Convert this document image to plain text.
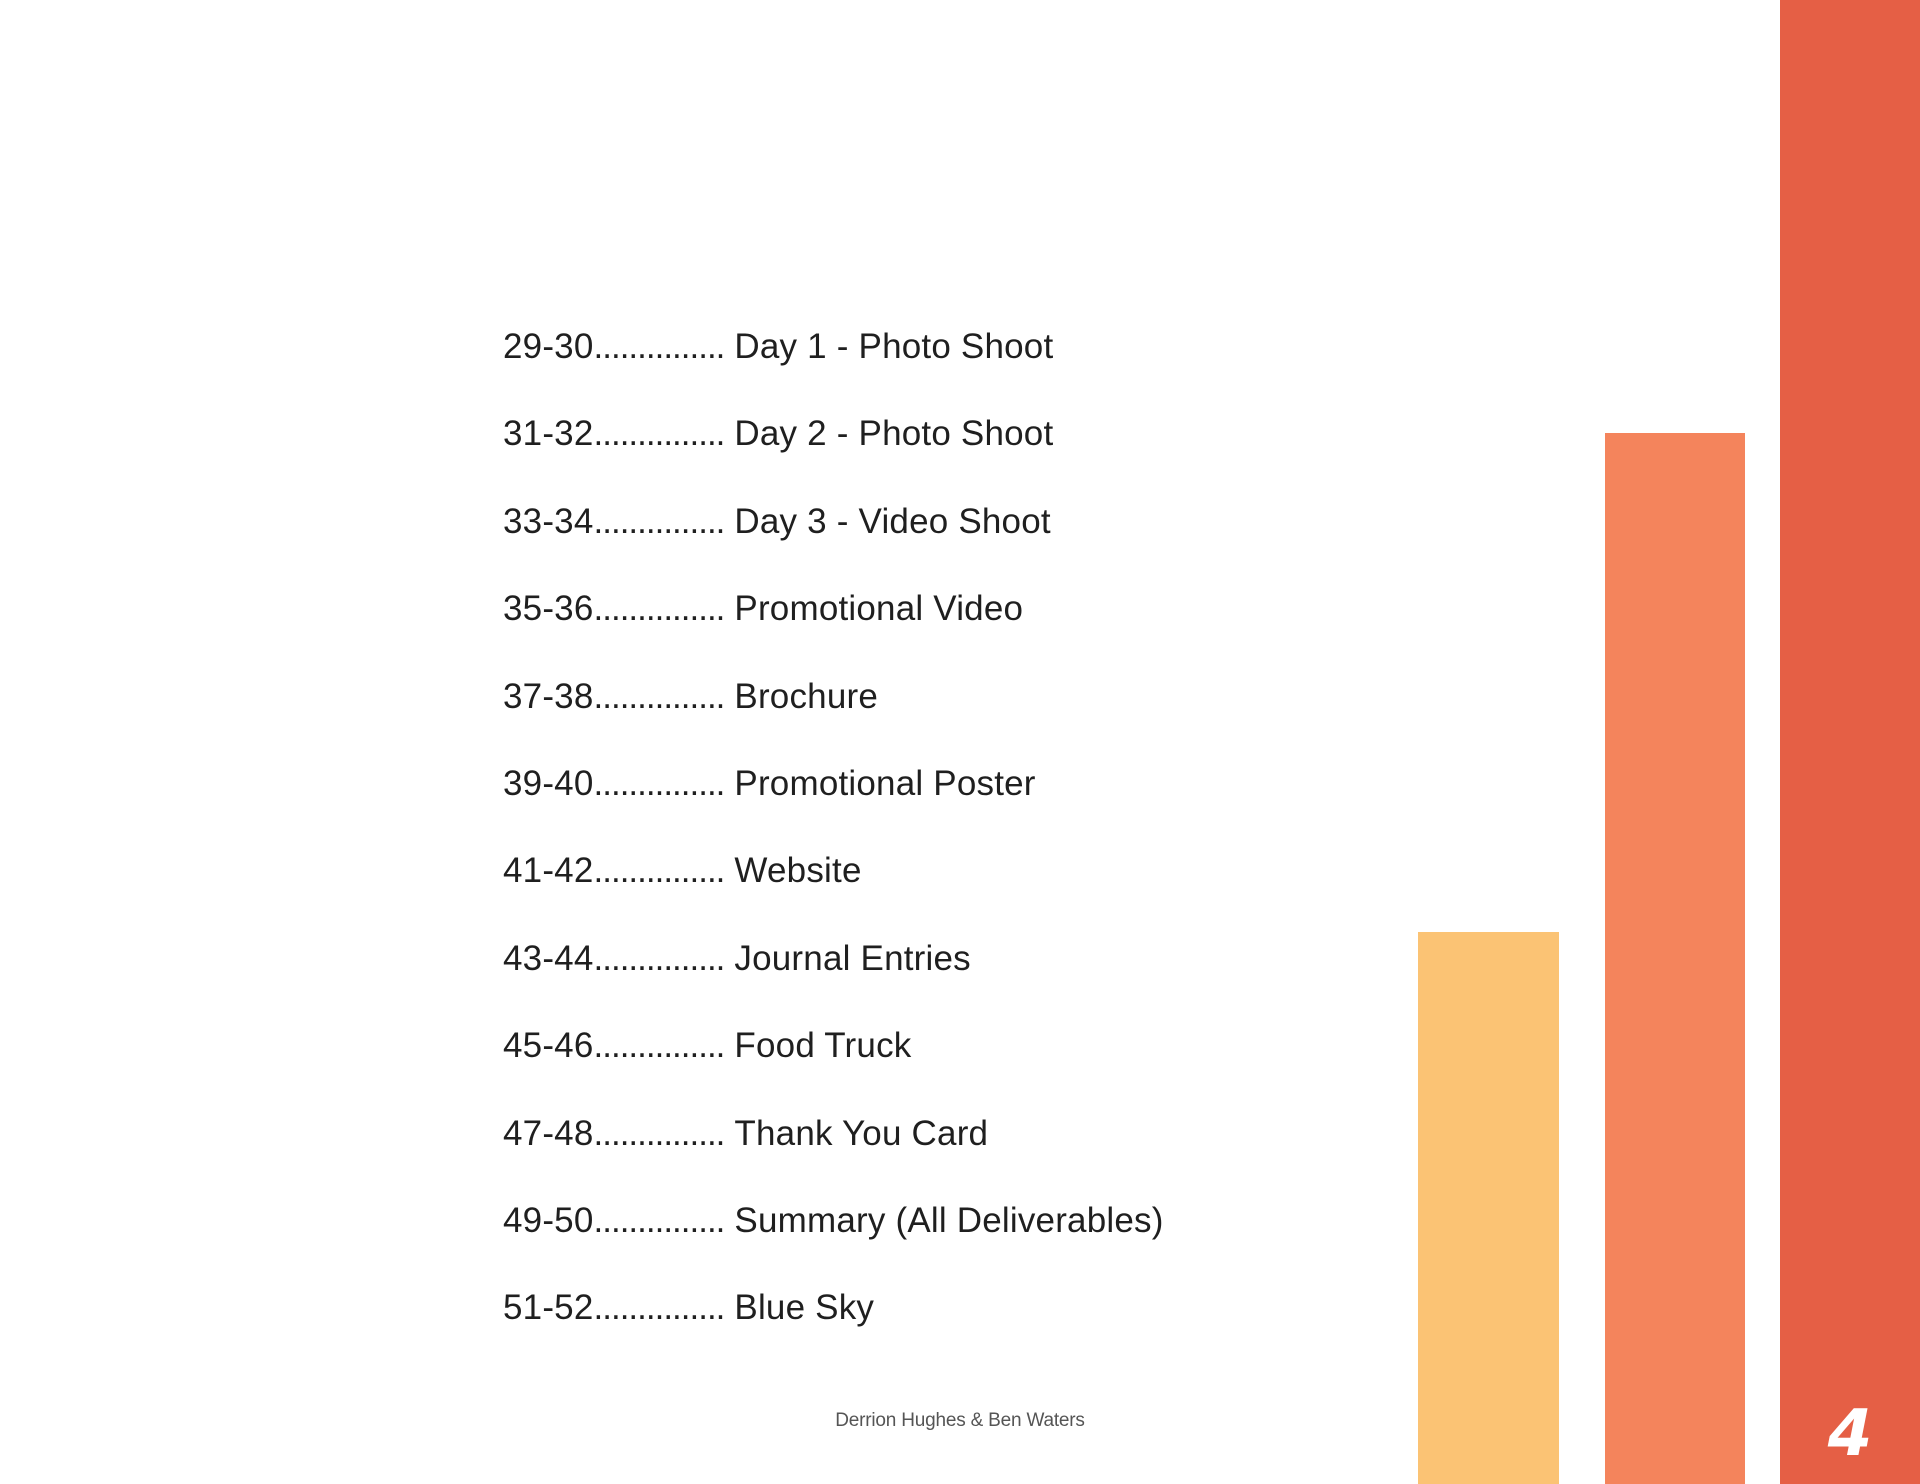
29-30............... Day 1 - Photo Shoot
31-32............... Day 2 - Photo Shoot
33-34............... Day 3 - Video Shoot
35-36............... Promotional Video
37-38............... Brochure
39-40............... Promotional Poster
41-42............... Website
43-44............... Journal Entries
45-46............... Food Truck
47-48............... Thank You Card
49-50............... Summary (All Deliverables)
51-52............... Blue Sky
Derrion Hughes & Ben Waters	4
